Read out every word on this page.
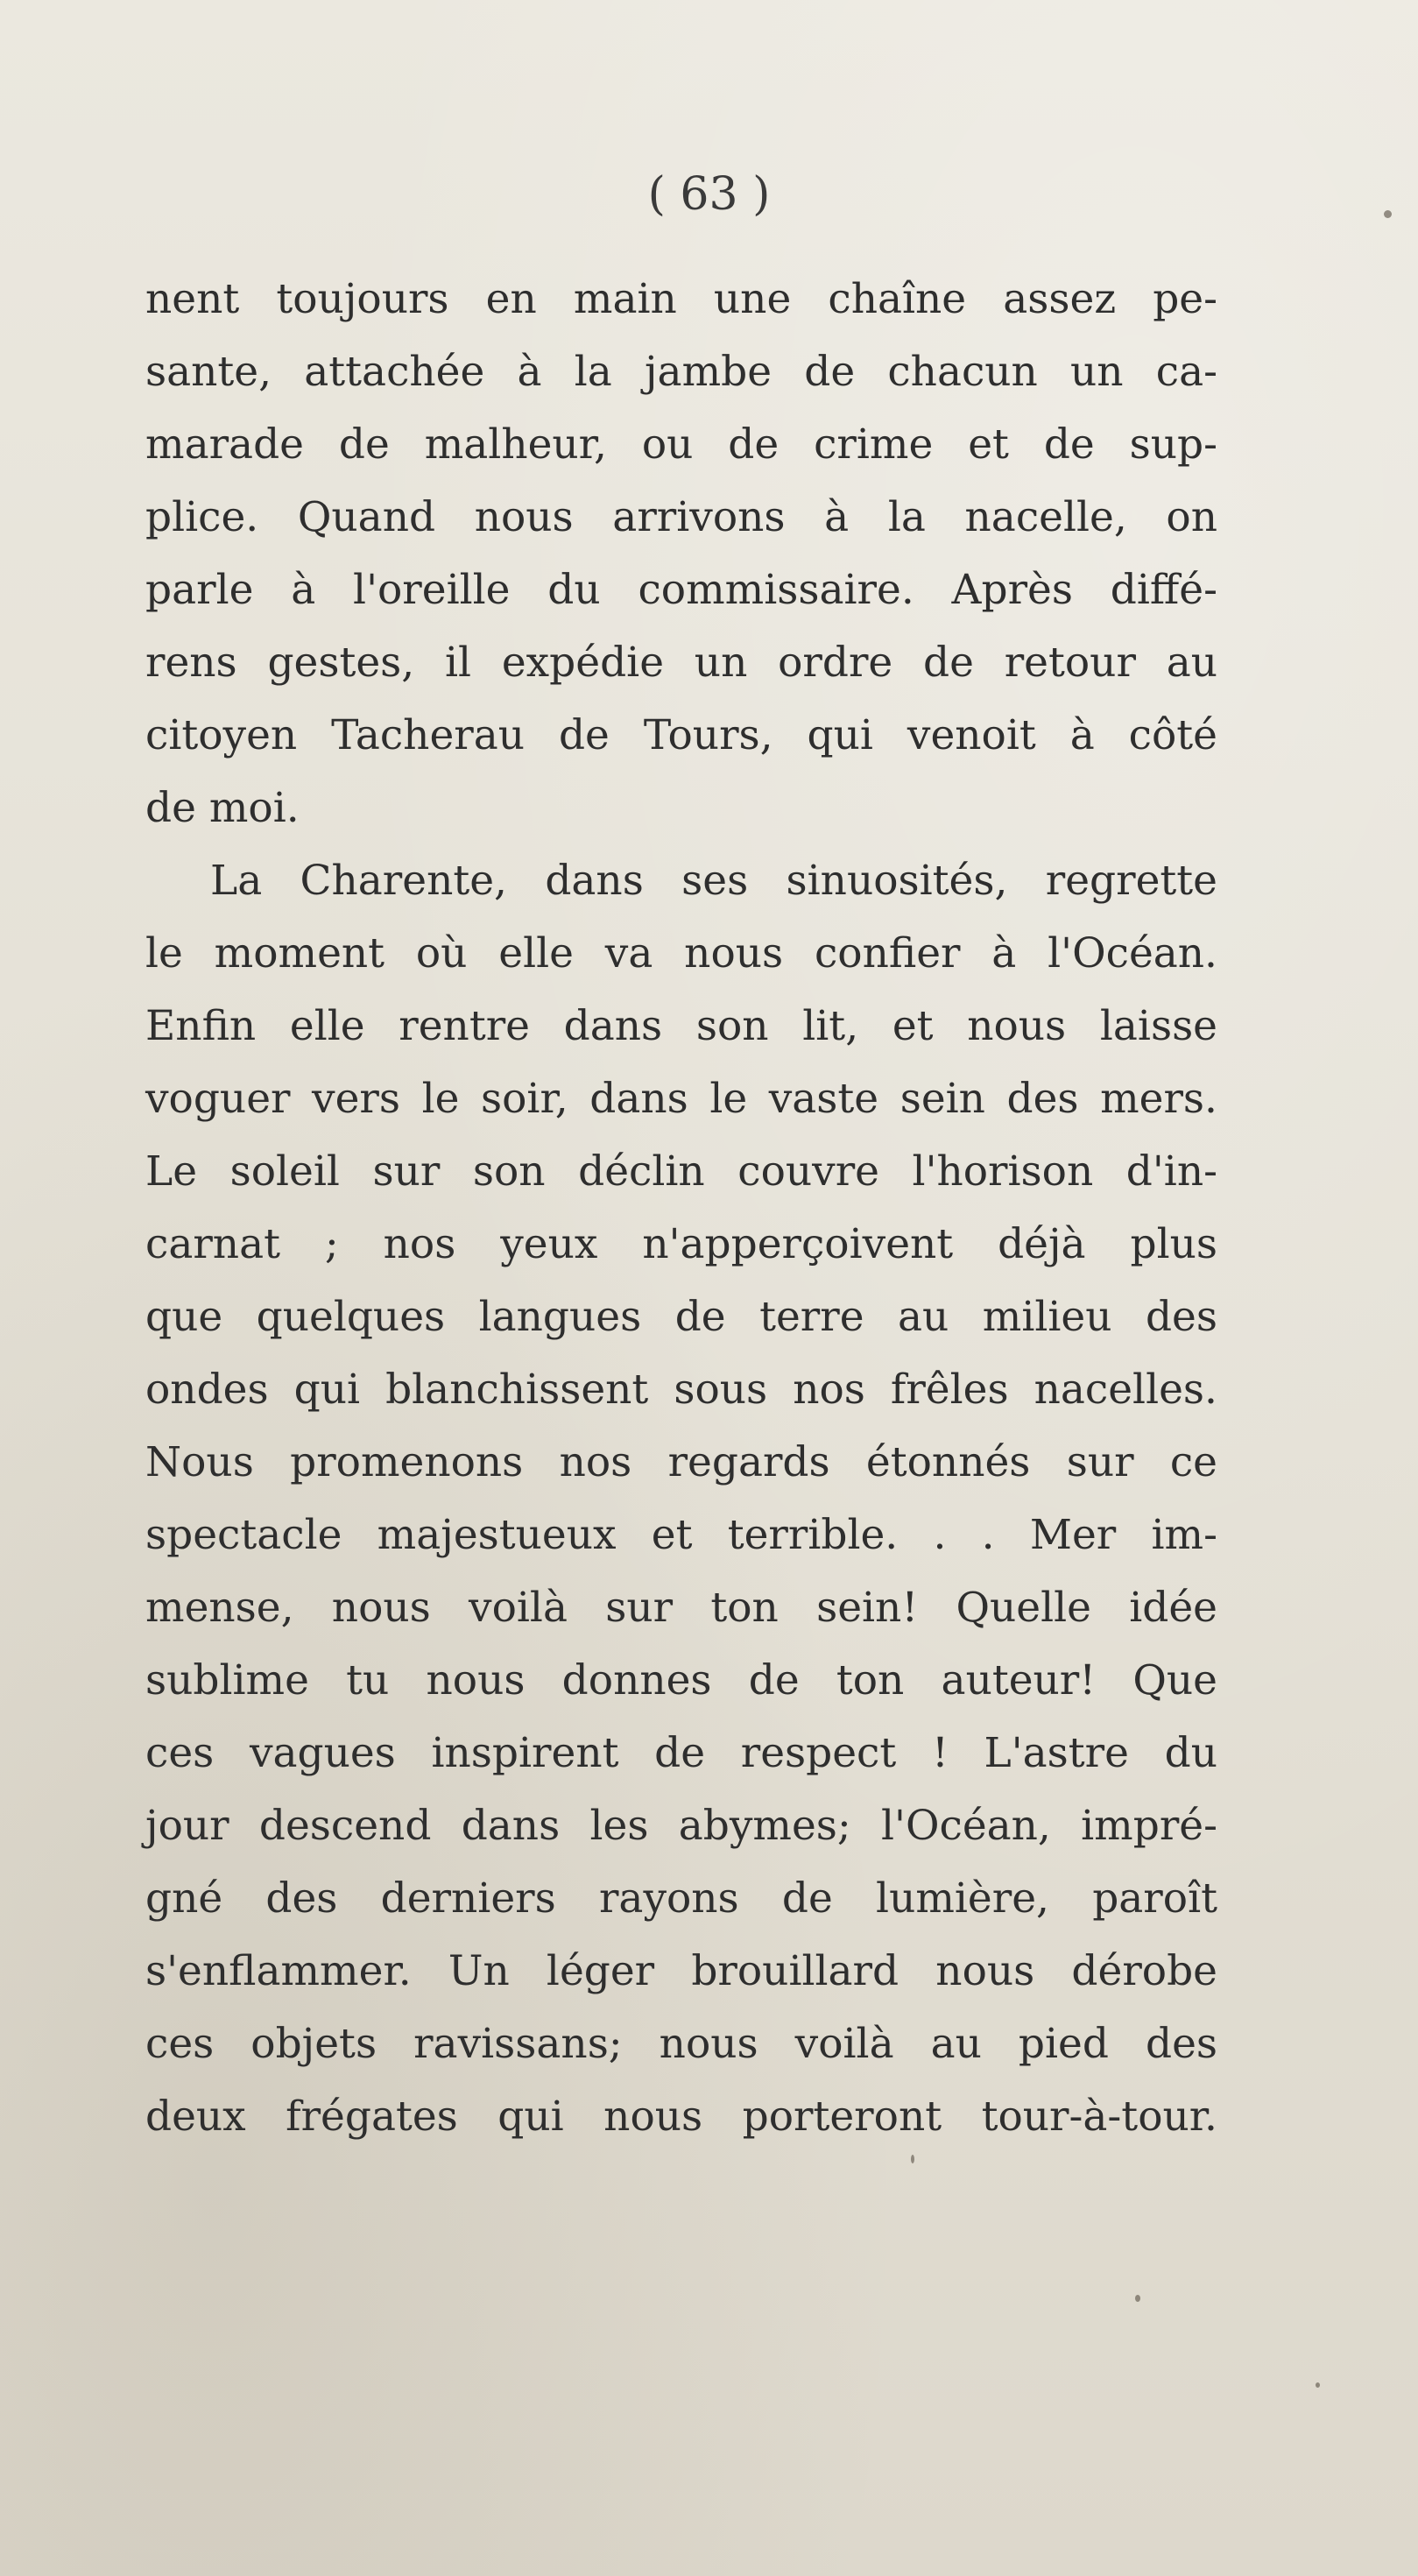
( 63 )
nent toujours en main une chaîne assez pe-
sante, attachée à la jambe de chacun un ca-
marade de malheur, ou de crime et de sup-
plice. Quand nous arrivons à la nacelle, on
parle à l'oreille du commissaire. Après diffé-
rens gestes, il expédie un ordre de retour au
citoyen Tacherau de Tours, qui venoit à côté
de moi.
La Charente, dans ses sinuosités, regrette
le moment où elle va nous confier à l'Océan.
Enfin elle rentre dans son lit, et nous laisse
voguer vers le soir, dans le vaste sein des mers.
Le soleil sur son déclin couvre l'horison d'in-
carnat ; nos yeux n'apperçoivent déjà plus
que quelques langues de terre au milieu des
ondes qui blanchissent sous nos frêles nacelles.
Nous promenons nos regards étonnés sur ce
spectacle majestueux et terrible. . . Mer im-
mense, nous voilà sur ton sein! Quelle idée
sublime tu nous donnes de ton auteur! Que
ces vagues inspirent de respect ! L'astre du
jour descend dans les abymes; l'Océan, impré-
gné des derniers rayons de lumière, paroît
s'enflammer. Un léger brouillard nous dérobe
ces objets ravissans; nous voilà au pied des
deux frégates qui nous porteront tour-à-tour.
